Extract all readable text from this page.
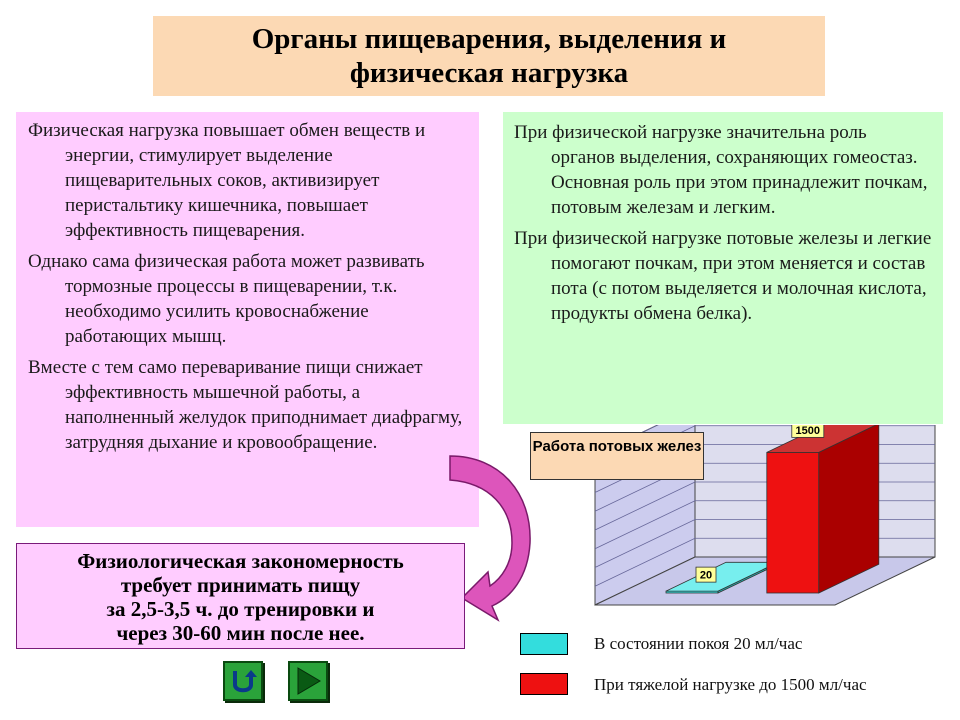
Органы пищеварения, выделения и
физическая нагрузка

Физическая нагрузка повышает обмен веществ и энергии, стимулирует выделение пищеварительных соков, активизирует перистальтику кишечника, повышает эффективность пищеварения.

Однако сама физическая работа может развивать тормозные процессы в пищеварении, т.к. необходимо усилить кровоснабжение работающих мышц.

Вместе с тем само переваривание пищи снижает эффективность мышечной работы, а наполненный желудок приподнимает диафрагму, затрудняя дыхание и кровообращение.

При физической нагрузке значительна роль органов выделения, сохраняющих гомеостаз. Основная роль при этом принадлежит почкам, потовым железам и легким.

При физической нагрузке потовые железы и легкие помогают почкам, при этом меняется и состав пота (с потом выделяется и молочная кислота, продукты обмена белка).

Физиологическая закономерность
требует принимать пищу
за 2,5-3,5 ч. до тренировки и
через 30-60 мин после нее.
20
1500
Работа потовых желез
В состоянии покоя 20 мл/час
При тяжелой нагрузке до 1500 мл/час
